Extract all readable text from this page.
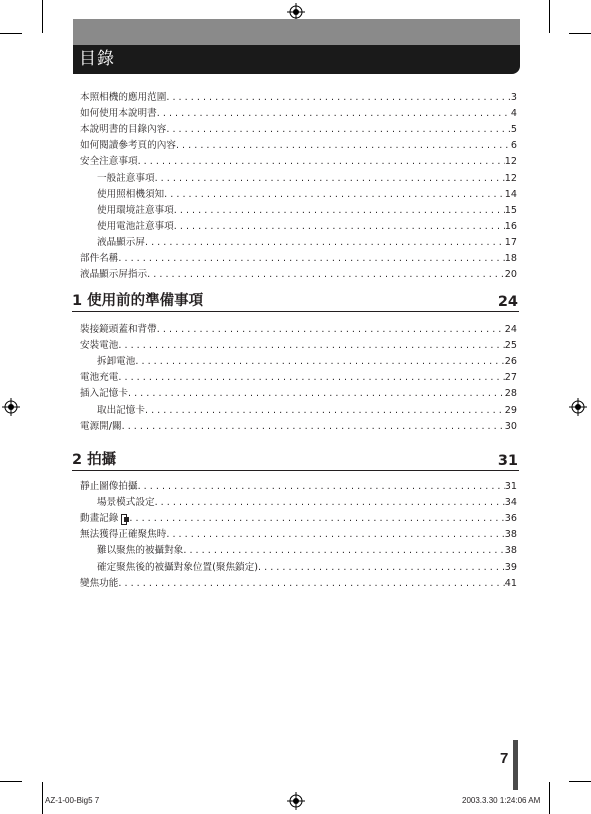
目錄
本照相機的應用范圍 . . .	3
如何使用本說明書 . . .	4
本說明書的目錄內容 . . .	5
如何閱讀參考頁的內容 . . .	6
安全注意事項 . . .	12
一般註意事項 . . .	12
使用照相機須知 . . .	14
使用環境註意事項 . . .	15
使用電池註意事項 . . .	16
液晶顯示屏 . . .	17
部件名稱 . . .	18
液晶顯示屏指示 . . .	20
1 使用前的準備事項	24
裝接鏡頭蓋和背帶 . . .	24
安裝電池 . . .	25
拆卸電池 . . .	26
電池充電 . . .	27
插入記憶卡 . . .	28
取出記憶卡 . . .	29
電源開/關 . . .	30
2 拍攝	31
靜止圖像拍攝 . . .	31
場景模式設定 . . .	34
動畫記錄 . . .	36
無法獲得正確聚焦時 . . .	38
難以聚焦的被攝對象 . . .	38
確定聚焦後的被攝對象位置(聚焦鎖定) . . .	39
變焦功能 . . .	41
7
AZ-1-00-Big5 7	2003.3.30 1:24:06 AM
